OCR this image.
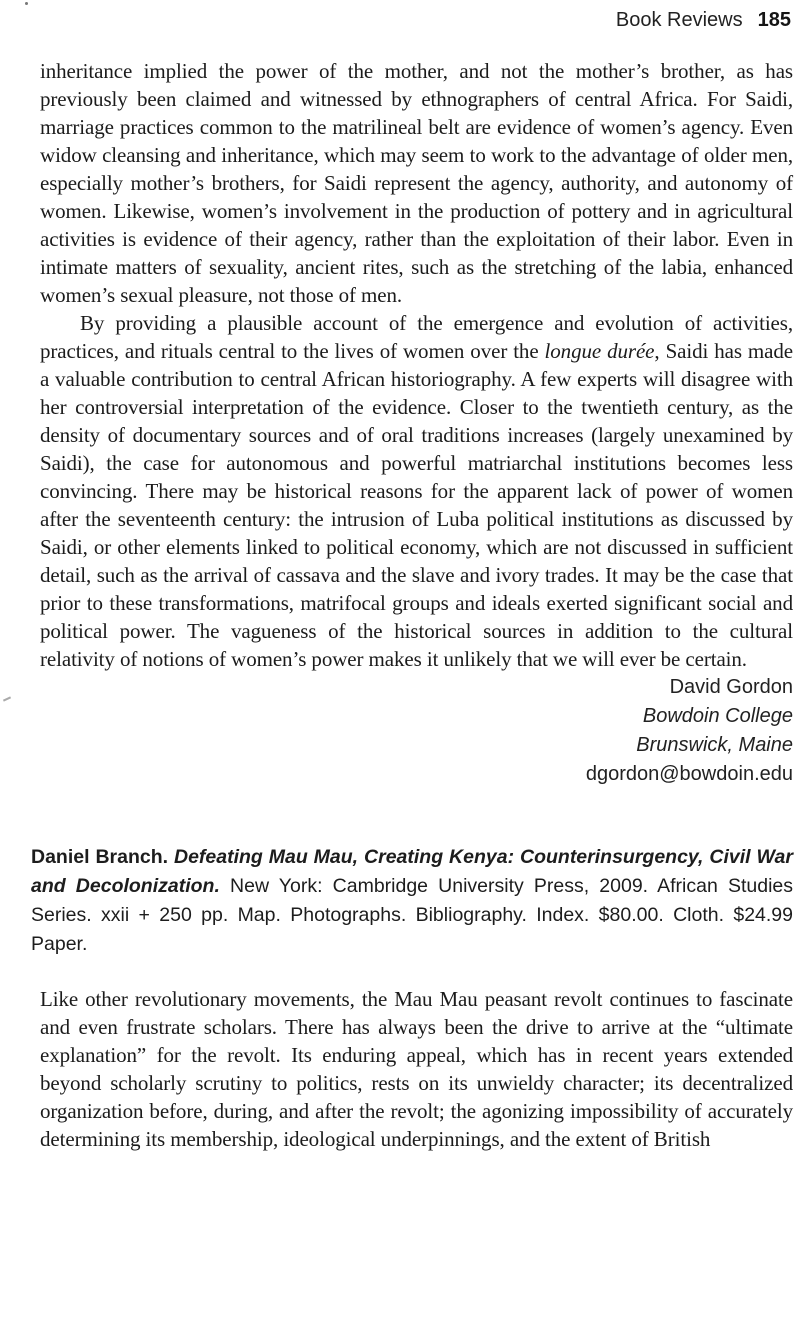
Book Reviews 185

inheritance implied the power of the mother, and not the mother’s brother, as has previously been claimed and witnessed by ethnographers of central Africa. For Saidi, marriage practices common to the matrilineal belt are evidence of women’s agency. Even widow cleansing and inheritance, which may seem to work to the advantage of older men, especially mother’s brothers, for Saidi represent the agency, authority, and autonomy of women. Likewise, women’s involvement in the production of pottery and in agricultural activities is evidence of their agency, rather than the exploitation of their labor. Even in intimate matters of sexuality, ancient rites, such as the stretching of the labia, enhanced women’s sexual pleasure, not those of men.

By providing a plausible account of the emergence and evolution of activities, practices, and rituals central to the lives of women over the longue durée, Saidi has made a valuable contribution to central African historiography. A few experts will disagree with her controversial interpretation of the evidence. Closer to the twentieth century, as the density of documentary sources and of oral traditions increases (largely unexamined by Saidi), the case for autonomous and powerful matriarchal institutions becomes less convincing. There may be historical reasons for the apparent lack of power of women after the seventeenth century: the intrusion of Luba political institutions as discussed by Saidi, or other elements linked to political economy, which are not discussed in sufficient detail, such as the arrival of cassava and the slave and ivory trades. It may be the case that prior to these transformations, matrifocal groups and ideals exerted significant social and political power. The vagueness of the historical sources in addition to the cultural relativity of notions of women’s power makes it unlikely that we will ever be certain.

David Gordon
Bowdoin College
Brunswick, Maine
dgordon@bowdoin.edu
Daniel Branch. Defeating Mau Mau, Creating Kenya: Counterinsurgency, Civil War and Decolonization. New York: Cambridge University Press, 2009. African Studies Series. xxii + 250 pp. Map. Photographs. Bibliography. Index. $80.00. Cloth. $24.99 Paper.

Like other revolutionary movements, the Mau Mau peasant revolt continues to fascinate and even frustrate scholars. There has always been the drive to arrive at the “ultimate explanation” for the revolt. Its enduring appeal, which has in recent years extended beyond scholarly scrutiny to politics, rests on its unwieldy character; its decentralized organization before, during, and after the revolt; the agonizing impossibility of accurately determining its membership, ideological underpinnings, and the extent of British
